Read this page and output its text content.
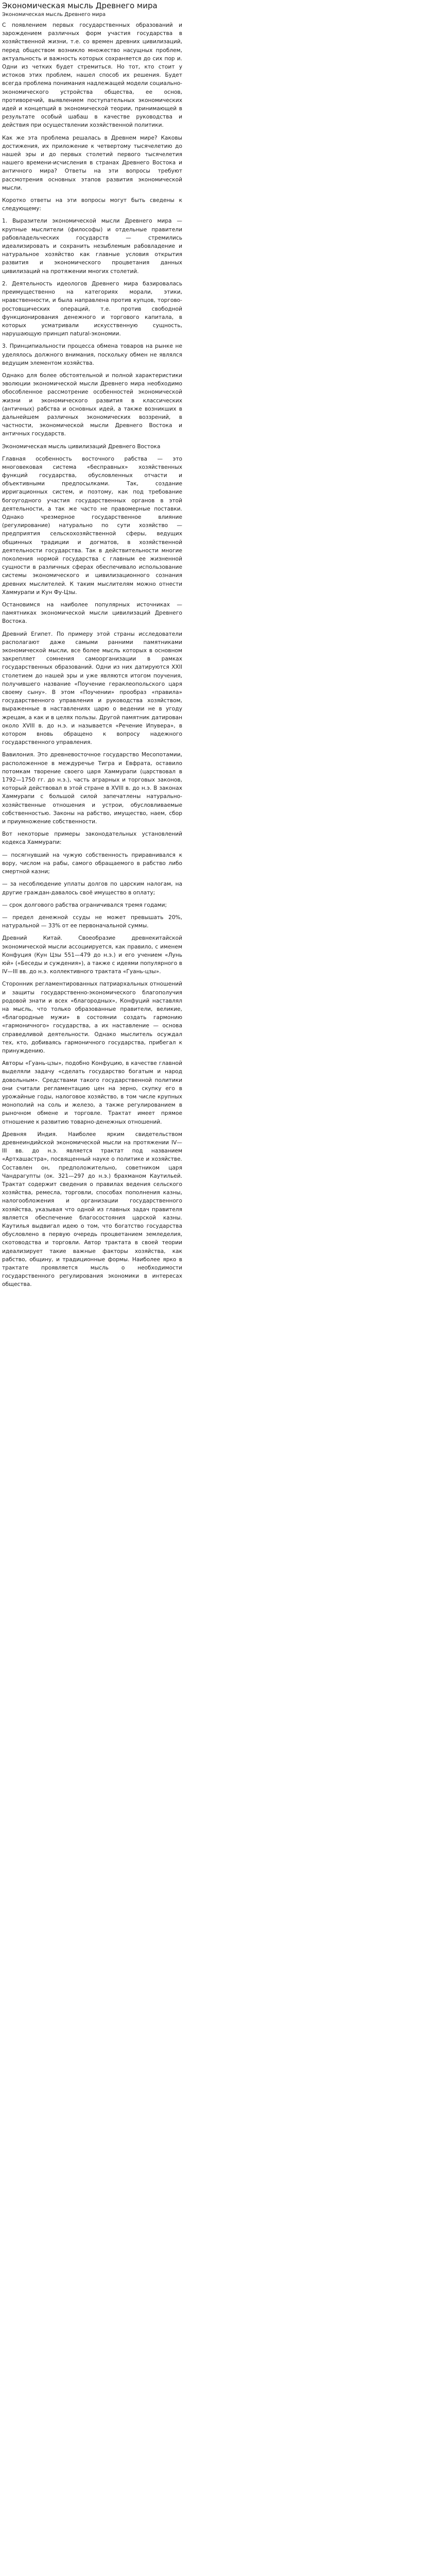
Экономическая мысль Древнего мира
Экономическая мысль Древнего мира

С появлением первых государственных образований и зарождением различных форм участия государства в хозяйственной жизни, т.е. со времен древних цивилизаций, перед обществом возникло множество насущных проблем, актуальность и важность которых сохраняется до сих пор и. Одни из четких будет стремиться. Но тот, кто стоит у истоков этих проблем, нашел способ их решения. Будет всегда проблема понимания надлежащей модели социально-экономического устройства общества, ее основ, противоречий, выявлением поступательных экономических идей и концепций в экономической теории, принимающей в результате особый шабаш в качестве руководства и действия при осуществлении хозяйственной политики.

Как же эта проблема решалась в Древнем мире? Каковы достижения, их приложение к четвертому тысячелетию до нашей эры и до первых столетий первого тысячелетия нашего времени-исчисления в странах Древнего Востока и античного мира? Ответы на эти вопросы требуют рассмотрения основных этапов развития экономической мысли.

Коротко ответы на эти вопросы могут быть сведены к следующему:

1. Выразители экономической мысли Древнего мира — крупные мыслители (философы) и отдельные правители рабовладельческих государств — стремились идеализировать и сохранить незыблемым рабовладение и натуральное хозяйство как главные условия открытия развития и экономического процветания данных цивилизаций на протяжении многих столетий.

2. Деятельность идеологов Древнего мира базировалась преимущественно на категориях морали, этики, нравственности, и была направлена против купцов, торгово-ростовщических операций, т.е. против свободной функционирования денежного и торгового капитала, в которых усматривали искусственную сущность, нарушающую принцип natural-экономии.

3. Принципиальности процесса обмена товаров на рынке не уделялось должного внимания, поскольку обмен не являлся ведущим элементом хозяйства.

Однако для более обстоятельной и полной характеристики эволюции экономической мысли Древнего мира необходимо обособленное рассмотрение особенностей экономической жизни и экономического развития в классических (античных) рабства и основных идей, а также возникших в дальнейшем различных экономических воззрений, в частности, экономической мысли Древнего Востока и античных государств.

Экономическая мысль цивилизаций Древнего Востока

Главная особенность восточного рабства — это многовековая система «бесправных» хозяйственных функций государства, обусловленных отчасти и объективными предпосылками. Так, создание ирригационных систем, и поэтому, как под требование богоугодного участия государственных органов в этой деятельности, а так же часто не правомерные поставки. Однако чрезмерное государственное влияние (регулирование) натурально по сути хозяйство — предприятия сельскохозяйственной сферы, ведущих общинных традиции и догматов, в хозяйственной деятельности государства. Так в действительности многие поколения нормой государства с главным ее жизненной сущности в различных сферах обеспечивало использование системы экономического и цивилизационного сознания древних мыслителей. К таким мыслителям можно отнести Хаммурапи и Кун Фу-Цзы.

Остановимся на наиболее популярных источниках — памятниках экономической мысли цивилизаций Древнего Востока.

Древний Египет. По примеру этой страны исследователи располагают даже самыми ранними памятниками экономической мысли, все более мысль которых в основном закрепляет сомнения самоорганизации в рамках государственных образований. Одни из них датируются XXII столетием до нашей эры и уже являются итогом поучения, получившего название «Поучение гераклеопольского царя своему сыну». В этом «Поучении» прообраз «правила» государственного управления и руководства хозяйством, выраженные в наставлениях царю о ведении не в угоду жрецам, а как и в целях пользы. Другой памятник датирован около XVIII в. до н.э. и называется «Речение Ипувера», в котором вновь обращено к вопросу надежного государственного управления.

Вавилония. Это древневосточное государство Месопотамии, расположенное в междуречье Тигра и Евфрата, оставило потомкам творение своего царя Хаммурапи (царствовал в 1792—1750 гг. до н.э.), часть аграрных и торговых законов, который действовал в этой стране в XVIII в. до н.э. В законах Хаммурапи с большой силой запечатлены натурально-хозяйственные отношения и устрои, обусловливаемые собственностью. Законы на рабство, имущество, наем, сбор и приумножение собственности.

Вот некоторые примеры законодательных установлений кодекса Хаммурапи:

— посягнувший на чужую собственность приравнивался к вору, числом на рабы, самого обращаемого в рабство либо смертной казни;

— за несоблюдение уплаты долгов по царским налогам, на другие граждан-давалось своё имущество в оплату;

— срок долгового рабства ограничивался тремя годами;

— предел денежной ссуды не может превышать 20%, натуральной — 33% от ее первоначальной суммы.

Древний Китай. Своеобразие древнекитайской экономической мысли ассоциируется, как правило, с именем Конфуция (Кун Цзы 551—479 до н.э.) и его учением «Лунь юй» («Беседы и суждения»), а также с идеями популярного в IV—III вв. до н.э. коллективного трактата «Гуань-цзы».

Сторонник регламентированных патриархальных отношений и защиты государственно-экономического благополучия родовой знати и всех «благородных», Конфуций наставлял на мысль, что только образованные правители, великие, «благородные мужи» в состоянии создать гармонию «гармоничного» государства, а их наставление — основа справедливой деятельности. Однако мыслитель осуждал тех, кто, добиваясь гармоничного государства, прибегал к принуждению.

Авторы «Гуань-цзы», подобно Конфуцию, в качестве главной выделяли задачу «сделать государство богатым и народ довольным». Средствами такого государственной политики они считали регламентацию цен на зерно, скупку его в урожайные годы, налоговое хозяйство, в том числе крупных монополий на соль и железо, а также регулированием в рыночном обмене и торговле. Трактат имеет прямое отношение к развитию товарно-денежных отношений.

Древняя Индия. Наиболее ярким свидетельством древнеиндийской экономической мысли на протяжении IV—III вв. до н.э. является трактат под названием «Артхашастра», посвященный науке о политике и хозяйстве. Составлен он, предположительно, советником царя Чандрагупты (ок. 321—297 до н.э.) брахманом Каутильей. Трактат содержит сведения о правилах ведения сельского хозяйства, ремесла, торговли, способах пополнения казны, налогообложения и организации государственного хозяйства, указывая что одной из главных задач правителя является обеспечение благосостояния царской казны. Каутилья выдвигал идею о том, что богатство государства обусловлено в первую очередь процветанием земледелия, скотоводства и торговли. Автор трактата в своей теории идеализирует такие важные факторы хозяйства, как рабство, общину, и традиционные формы. Наиболее ярко в трактате проявляется мысль о необходимости государственного регулирования экономики в интересах общества.
